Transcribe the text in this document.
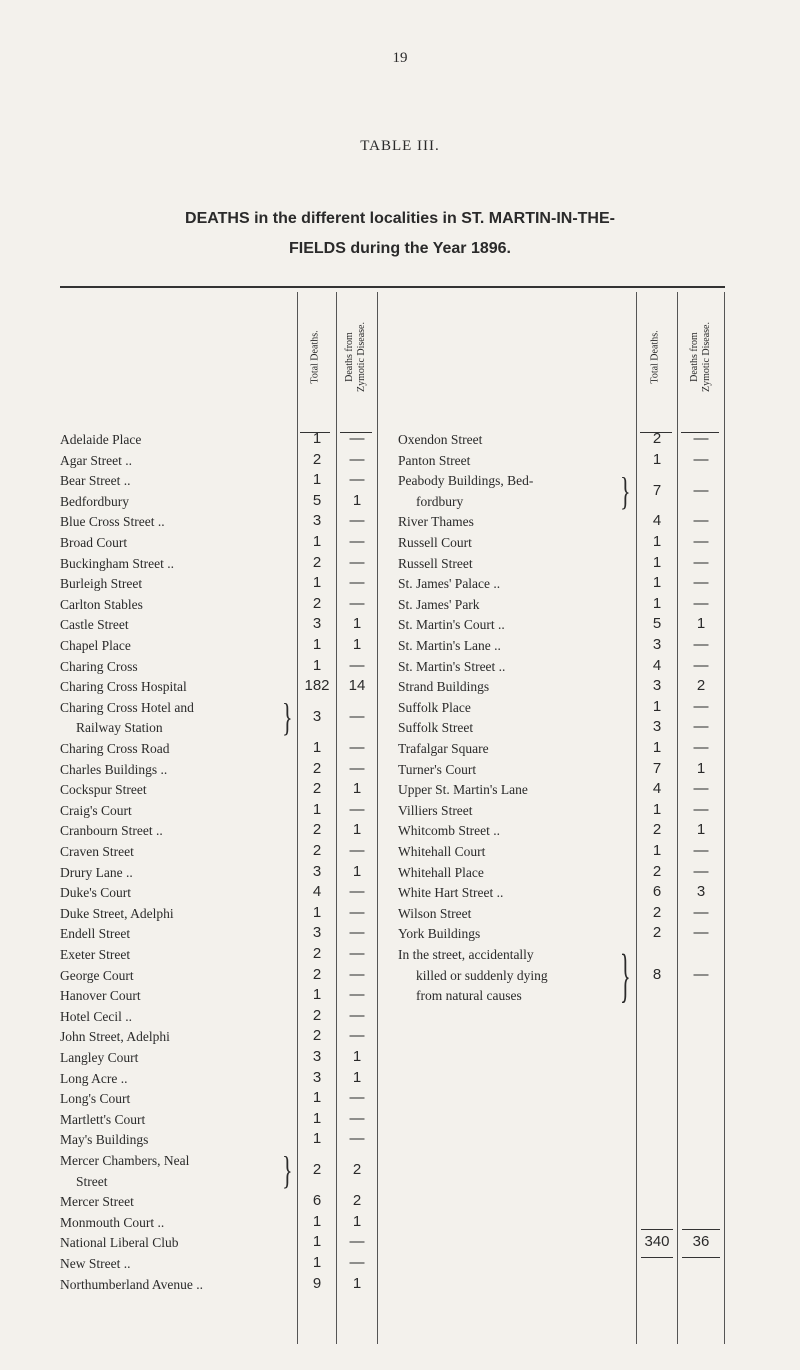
19
TABLE III.
DEATHS in the different localities in ST. MARTIN-IN-THE-
FIELDS during the Year 1896.
Total Deaths. Deaths from
Zymotic Disease.	Total Deaths.	Deaths from
Zymotic Disease.
Adelaide Place	1	—
Agar Street ..	2	—
Bear Street ..	1	—
Bedfordbury	5	1
Blue Cross Street ..	3	—
Broad Court	1	—
Buckingham Street ..	2	—
Burleigh Street	1	—
Carlton Stables	2	—
Castle Street	3	1
Chapel Place	1	1
Charing Cross	1	—
Charing Cross Hospital	182	14
Charing Cross Hotel and
Railway Station	}	3	—
Charing Cross Road	1	—
Charles Buildings ..	2	—
Cockspur Street	2	1
Craig's Court	1	—
Cranbourn Street ..	2	1
Craven Street	2	—
Drury Lane ..	3	1
Duke's Court	4	—
Duke Street, Adelphi	1	—
Endell Street	3	—
Exeter Street	2	—
George Court	2	—
Hanover Court	1	—
Hotel Cecil ..	2	—
John Street, Adelphi	2	—
Langley Court	3	1
Long Acre ..	3	1
Long's Court	1	—
Martlett's Court	1	—
May's Buildings	1	—
Mercer Chambers, Neal
Street	}	2	2
Mercer Street	6	2
Monmouth Court ..	1	1
National Liberal Club	1	—
New Street ..	1	—
Northumberland Avenue ..	9	1
Oxendon Street	2	—
Panton Street	1	—
Peabody Buildings, Bed-
fordbury	}	7	—
River Thames	4	—
Russell Court	1	—
Russell Street	1	—
St. James' Palace ..	1	—
St. James' Park	1	—
St. Martin's Court ..	5	1
St. Martin's Lane ..	3	—
St. Martin's Street ..	4	—
Strand Buildings	3	2
Suffolk Place	1	—
Suffolk Street	3	—
Trafalgar Square	1	—
Turner's Court	7	1
Upper St. Martin's Lane	4	—
Villiers Street	1	—
Whitcomb Street ..	2	1
Whitehall Court	1	—
Whitehall Place	2	—
White Hart Street ..	6	3
Wilson Street	2	—
York Buildings	2	—
In the street, accidentally
killed or suddenly dying
from natural causes	}	8	—
340	36
